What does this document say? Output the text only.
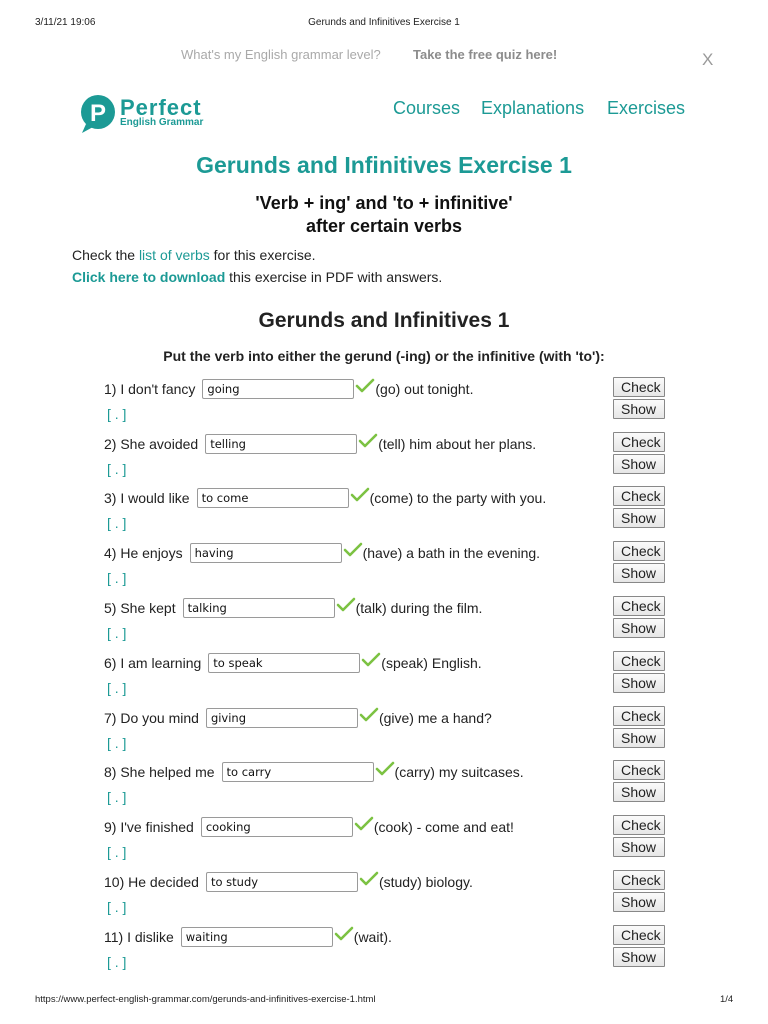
3/11/21 19:06	Gerunds and Infinitives Exercise 1
What's my English grammar level? Take the free quiz here!	X
P Perfect
English Grammar
Courses Explanations Exercises
Gerunds and Infinitives Exercise 1
'Verb + ing' and 'to + infinitive'
after certain verbs
Check the list of verbs for this exercise.
Click here to download this exercise in PDF with answers.
Gerunds and Infinitives 1
Put the verb into either the gerund (-ing) or the infinitive (with 'to'):
1) I don't fancy
going	(go) out tonight.
[ . ]
Check
Show
2) She avoided
telling	(tell) him about her plans.
[ . ]
Check
Show
3) I would like
to come	(come) to the party with you.
[ . ]
Check
Show
4) He enjoys
having	(have) a bath in the evening.
[ . ]
Check
Show
5) She kept
talking	(talk) during the film.
[ . ]
Check
Show
6) I am learning
to speak	(speak) English.
[ . ]
Check
Show
7) Do you mind
giving	(give) me a hand?
[ . ]
Check
Show
8) She helped me
to carry	(carry) my suitcases.
[ . ]
Check
Show
9) I've finished
cooking	(cook) - come and eat!
[ . ]
Check
Show
10) He decided
to study	(study) biology.
[ . ]
Check
Show
11) I dislike
waiting	(wait).
[ . ]
Check
Show
https://www.perfect-english-grammar.com/gerunds-and-infinitives-exercise-1.html	1/4
